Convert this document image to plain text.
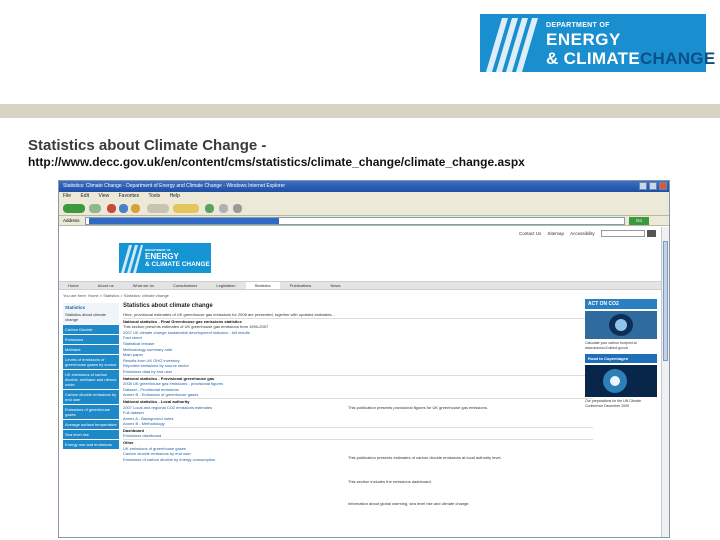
DEPARTMENT OF
ENERGY
& CLIMATECHANGE
Statistics about Climate Change -
http://www.decc.gov.uk/en/content/cms/statistics/climate_change/climate_change.aspx
Statistics: Climate Change - Department of Energy and Climate Change - Windows Internet Explorer
File Edit View Favorites Tools Help
Address	Go
Contact Us Sitemap Accessibility
DEPARTMENT OF
ENERGY
& CLIMATE CHANGE
Home	About us	What we do	Consultations	Legislation	Statistics	Publications	News
You are here: Home > Statistics > Statistics: climate change
Statistics
Statistics about climate change
Carbon Dioxide
Emissions
Methane
Levels of emissions of greenhouse gases by source
UK emissions of carbon dioxide, methane and nitrous oxide
Carbon dioxide emissions by end user
Emissions of greenhouse gases
Average surface temperature
Sea level rise
Energy use and emissions
Statistics about climate change
Here, provisional estimates of UK greenhouse gas emissions for 2008 are presented, together with updated estimates...
National statistics - Final Greenhouse gas emissions statistics
This section presents estimates of UK greenhouse gas emissions from 1990-2007
2007 UK climate change sustainable development indicator - full results
Fact sheet
Statistical release
Methodology summary note
Main paper
Results from UK GHG inventory
Reported emissions by source sector
Emissions data by end user
National statistics - Provisional greenhouse gas
2008 UK greenhouse gas emissions - provisional figures
Dataset - Provisional emissions
Annex B - Emissions of greenhouse gases
National statistics - Local authority
2007 Local and regional CO2 emissions estimates
Full dataset
Annex A - Background notes
Annex B - Methodology
Dashboard
Emissions dashboard
Other
UK emissions of greenhouse gases
Carbon dioxide emissions by end user
Emissions of carbon dioxide by energy consumption
This publication presents provisional figures for UK greenhouse gas emissions.
This publication presents estimates of carbon dioxide emissions at local authority level.
This section includes the emissions dashboard.
Information about global warming, sea level rise and climate change.
ACT ON CO2
Calculate your carbon footprint at www.actonco2.direct.gov.uk
Road to Copenhagen
Our preparations for the UN Climate Conference December 2009
